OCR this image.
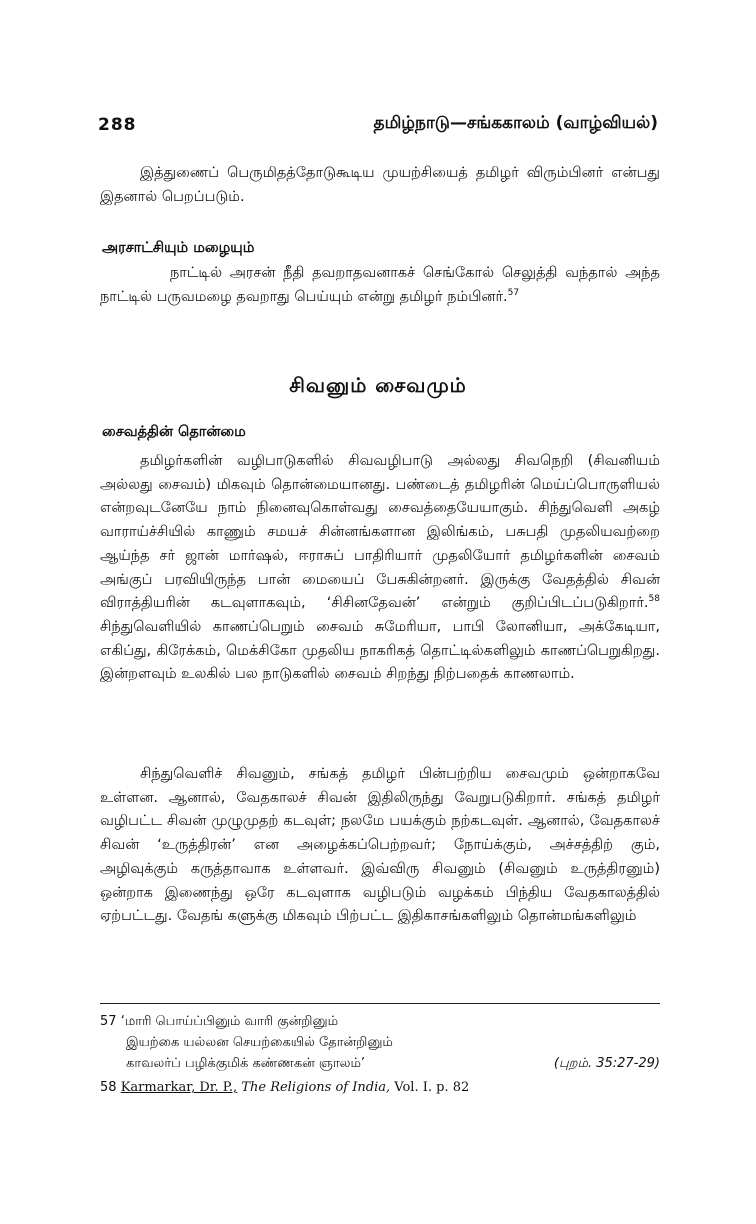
288	தமிழ்நாடு—சங்ககாலம் (வாழ்வியல்)
இத்துணைப் பெருமிதத்தோடுகூடிய முயற்சியைத் தமிழர் விரும்பினர் என்பது இதனால் பெறப்படும்.
அரசாட்சியும் மழையும்
நாட்டில் அரசன் நீதி தவறாதவனாகச் செங்கோல் செலுத்தி வந்தால் அந்த நாட்டில் பருவமழை தவறாது பெய்யும் என்று தமிழர் நம்பினர்.$^{57}$
சிவனும் சைவமும்
சைவத்தின் தொன்மை
தமிழர்களின் வழிபாடுகளில் சிவவழிபாடு அல்லது சிவநெறி (சிவனியம் அல்லது சைவம்) மிகவும் தொன்மையானது. பண்டைத் தமிழரின் மெய்ப்பொருளியல் என்றவுடனேயே நாம் நினைவுகொள்வது சைவத்தையேயாகும். சிந்துவெளி அகழ் வாராய்ச்சியில் காணும் சமயச் சின்னங்களான இலிங்கம், பசுபதி முதலியவற்றை ஆய்ந்த சர் ஜான் மார்ஷல், ஈராசுப் பாதிரியார் முதலியோர் தமிழர்களின் சைவம் அங்குப் பரவியிருந்த பான் மையைப் பேசுகின்றனர். இருக்கு வேதத்தில் சிவன் விராத்தியரின் கடவுளாகவும், ‘சிசினதேவன்’ என்றும் குறிப்பிடப்படுகிறார்.$^{58}$ சிந்துவெளியில் காணப்பெறும் சைவம் சுமேரியா, பாபி லோனியா, அக்கேடியா, எகிப்து, கிரேக்கம், மெக்சிகோ முதலிய நாகரிகத் தொட்டில்களிலும் காணப்பெறுகிறது. இன்றளவும் உலகில் பல நாடுகளில் சைவம் சிறந்து நிற்பதைக் காணலாம்.
சிந்துவெளிச் சிவனும், சங்கத் தமிழர் பின்பற்றிய சைவமும் ஒன்றாகவே உள்ளன. ஆனால், வேதகாலச் சிவன் இதிலிருந்து வேறுபடுகிறார். சங்கத் தமிழர் வழிபட்ட சிவன் முழுமுதற் கடவுள்; நலமே பயக்கும் நற்கடவுள். ஆனால், வேதகாலச் சிவன் ‘உருத்திரன்’ என அழைக்கப்பெற்றவர்; நோய்க்கும், அச்சத்திற் கும், அழிவுக்கும் கருத்தாவாக உள்ளவர். இவ்விரு சிவனும் (சிவனும் உருத்திரனும்) ஒன்றாக இணைந்து ஒரே கடவுளாக வழிபடும் வழக்கம் பிந்திய வேதகாலத்தில் ஏற்பட்டது. வேதங் களுக்கு மிகவும் பிற்பட்ட இதிகாசங்களிலும் தொன்மங்களிலும்
57 ‘மாரி பொய்ப்பினும் வாரி குன்றினும்
இயற்கை யல்லன செயற்கையில் தோன்றினும்
காவலர்ப் பழிக்குமிக் கண்ணகன் ஞாலம்’	(புறம். 35:27-29)
58 Karmarkar, Dr. P., The Religions of India, Vol. I. p. 82
